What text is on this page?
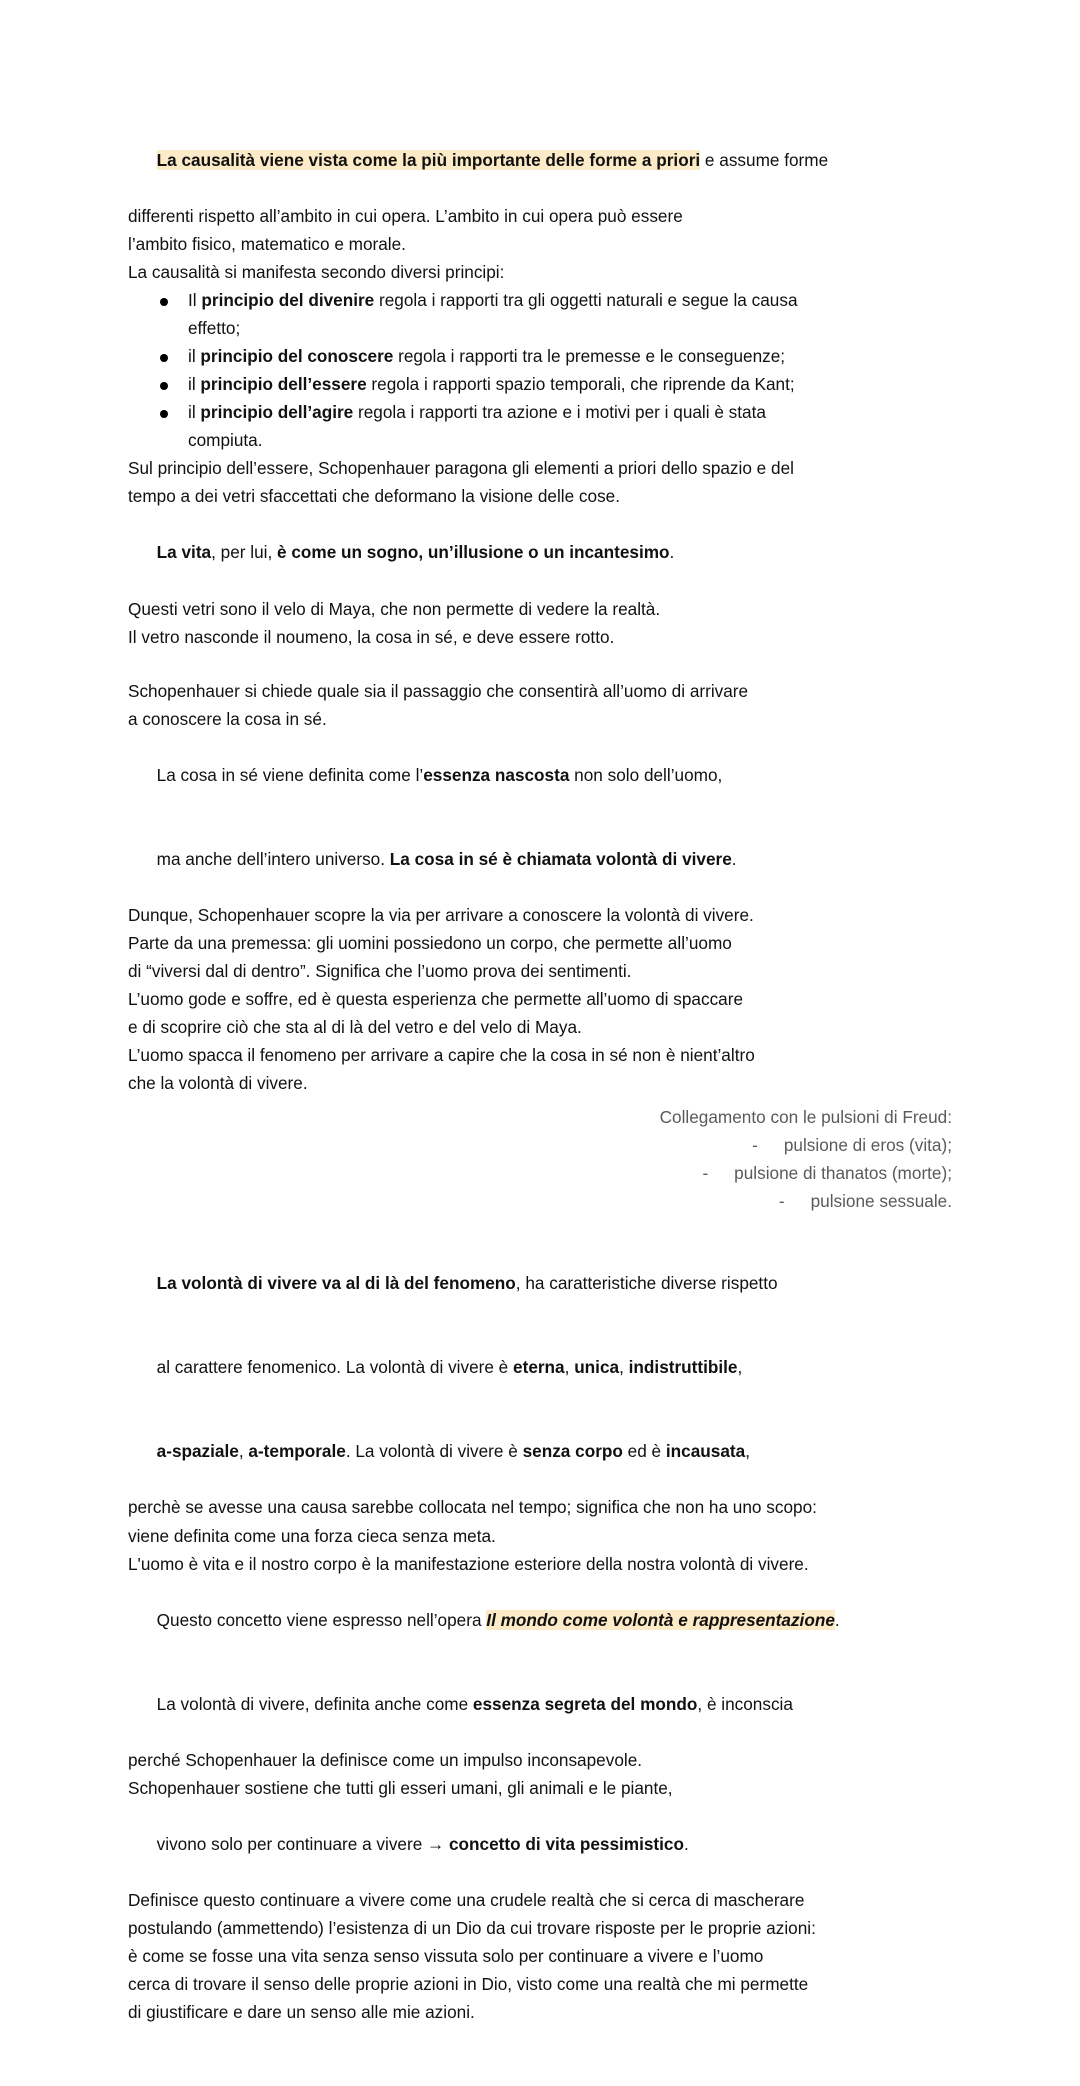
La causalità viene vista come la più importante delle forme a priori e assume forme

differenti rispetto all’ambito in cui opera. L’ambito in cui opera può essere
l’ambito fisico, matematico e morale.
La causalità si manifesta secondo diversi principi:
Il principio del divenire regola i rapporti tra gli oggetti naturali e segue la causa
effetto;
il principio del conoscere regola i rapporti tra le premesse e le conseguenze;
il principio dell’essere regola i rapporti spazio temporali, che riprende da Kant;
il principio dell’agire regola i rapporti tra azione e i motivi per i quali è stata
compiuta.
Sul principio dell’essere, Schopenhauer paragona gli elementi a priori dello spazio e del
tempo a dei vetri sfaccettati che deformano la visione delle cose.

La vita, per lui, è come un sogno, un’illusione o un incantesimo.

Questi vetri sono il velo di Maya, che non permette di vedere la realtà.
Il vetro nasconde il noumeno, la cosa in sé, e deve essere rotto.
Schopenhauer si chiede quale sia il passaggio che consentirà all’uomo di arrivare
a conoscere la cosa in sé.

La cosa in sé viene definita come l’essenza nascosta non solo dell’uomo,

ma anche dell’intero universo. La cosa in sé è chiamata volontà di vivere.

Dunque, Schopenhauer scopre la via per arrivare a conoscere la volontà di vivere.
Parte da una premessa: gli uomini possiedono un corpo, che permette all’uomo
di “viversi dal di dentro”. Significa che l’uomo prova dei sentimenti.
L’uomo gode e soffre, ed è questa esperienza che permette all’uomo di spaccare
e di scoprire ciò che sta al di là del vetro e del velo di Maya.
L’uomo spacca il fenomeno per arrivare a capire che la cosa in sé non è nient’altro
che la volontà di vivere.
Collegamento con le pulsioni di Freud:
- pulsione di eros (vita);
- pulsione di thanatos (morte);
- pulsione sessuale.

La volontà di vivere va al di là del fenomeno, ha caratteristiche diverse rispetto

al carattere fenomenico. La volontà di vivere è eterna, unica, indistruttibile,

a-spaziale, a-temporale. La volontà di vivere è senza corpo ed è incausata,

perchè se avesse una causa sarebbe collocata nel tempo; significa che non ha uno scopo:
viene definita come una forza cieca senza meta.
L'uomo è vita e il nostro corpo è la manifestazione esteriore della nostra volontà di vivere.

Questo concetto viene espresso nell’opera Il mondo come volontà e rappresentazione.

La volontà di vivere, definita anche come essenza segreta del mondo, è inconscia

perché Schopenhauer la definisce come un impulso inconsapevole.
Schopenhauer sostiene che tutti gli esseri umani, gli animali e le piante,

vivono solo per continuare a vivere → concetto di vita pessimistico.

Definisce questo continuare a vivere come una crudele realtà che si cerca di mascherare
postulando (ammettendo) l’esistenza di un Dio da cui trovare risposte per le proprie azioni:
è come se fosse una vita senza senso vissuta solo per continuare a vivere e l’uomo
cerca di trovare il senso delle proprie azioni in Dio, visto come una realtà che mi permette
di giustificare e dare un senso alle mie azioni.
